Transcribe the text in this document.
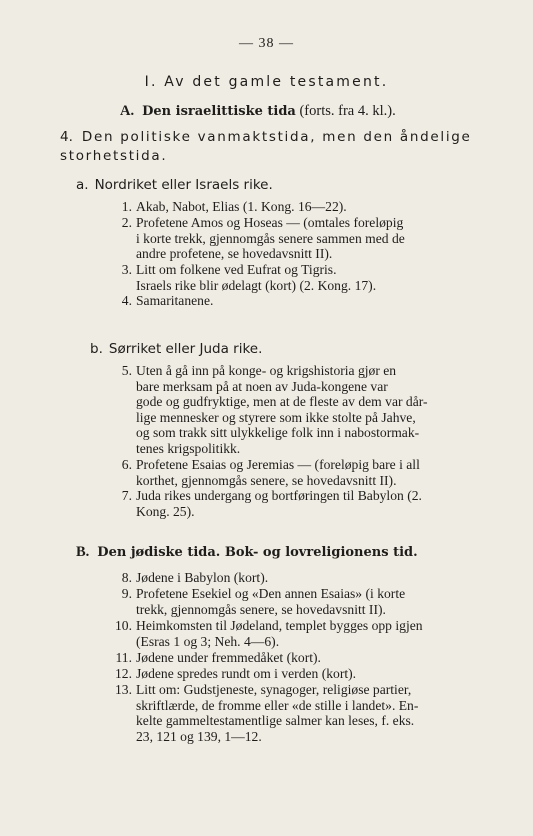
— 38 —
I. Av det gamle testament.
A. Den israelittiske tida (forts. fra 4. kl.).
4. Den politiske vanmaktstida, men den åndelige
storhetstida.
a. Nordriket eller Israels rike.
1. Akab, Nabot, Elias (1. Kong. 16—22).
2. Profetene Amos og Hoseas — (omtales foreløpig
i korte trekk, gjennomgås senere sammen med de
andre profetene, se hovedavsnitt II).
3. Litt om folkene ved Eufrat og Tigris.
Israels rike blir ødelagt (kort) (2. Kong. 17).
4. Samaritanene.
b. Sørriket eller Juda rike.
5. Uten å gå inn på konge- og krigshistoria gjør en
bare merksam på at noen av Juda-kongene var
gode og gudfryktige, men at de fleste av dem var dår-
lige mennesker og styrere som ikke stolte på Jahve,
og som trakk sitt ulykkelige folk inn i nabostormak-
tenes krigspolitikk.
6. Profetene Esaias og Jeremias — (foreløpig bare i all
korthet, gjennomgås senere, se hovedavsnitt II).
7. Juda rikes undergang og bortføringen til Babylon (2.
Kong. 25).
B. Den jødiske tida. Bok- og lovreligionens tid.
8. Jødene i Babylon (kort).
9. Profetene Esekiel og «Den annen Esaias» (i korte
trekk, gjennomgås senere, se hovedavsnitt II).
10. Heimkomsten til Jødeland, templet bygges opp igjen
(Esras 1 og 3; Neh. 4—6).
11. Jødene under fremmedåket (kort).
12. Jødene spredes rundt om i verden (kort).
13. Litt om: Gudstjeneste, synagoger, religiøse partier,
skriftlærde, de fromme eller «de stille i landet». En-
kelte gammeltestamentlige salmer kan leses, f. eks.
23, 121 og 139, 1—12.
